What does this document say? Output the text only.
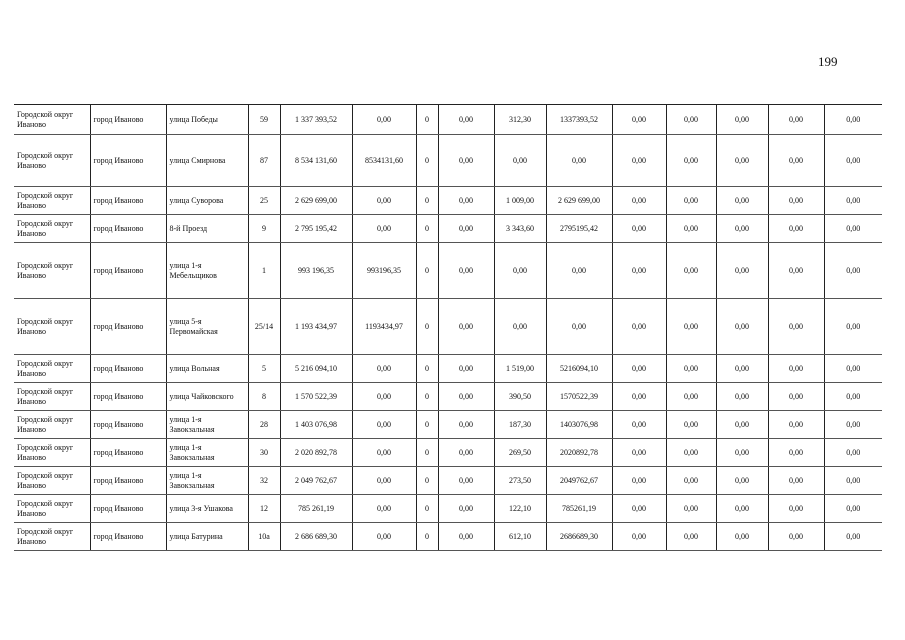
199
Городской округ Иваново	город Иваново	улица Победы	59	1 337 393,52	0,00	0	0,00	312,30	1337393,52	0,00	0,00	0,00	0,00	0,00
Городской округ Иваново	город Иваново	улица Смирнова	87	8 534 131,60	8534131,60	0	0,00	0,00	0,00	0,00	0,00	0,00	0,00	0,00
Городской округ Иваново	город Иваново	улица Суворова	25	2 629 699,00	0,00	0	0,00	1 009,00	2 629 699,00	0,00	0,00	0,00	0,00	0,00
Городской округ Иваново	город Иваново	8-й Проезд	9	2 795 195,42	0,00	0	0,00	3 343,60	2795195,42	0,00	0,00	0,00	0,00	0,00
Городской округ Иваново	город Иваново	улица 1-я Мебельщиков	1	993 196,35	993196,35	0	0,00	0,00	0,00	0,00	0,00	0,00	0,00	0,00
Городской округ Иваново	город Иваново	улица 5-я Первомайская	25/14	1 193 434,97	1193434,97	0	0,00	0,00	0,00	0,00	0,00	0,00	0,00	0,00
Городской округ Иваново	город Иваново	улица Вольная	5	5 216 094,10	0,00	0	0,00	1 519,00	5216094,10	0,00	0,00	0,00	0,00	0,00
Городской округ Иваново	город Иваново	улица Чайковского	8	1 570 522,39	0,00	0	0,00	390,50	1570522,39	0,00	0,00	0,00	0,00	0,00
Городской округ Иваново	город Иваново	улица 1-я Завокзальная	28	1 403 076,98	0,00	0	0,00	187,30	1403076,98	0,00	0,00	0,00	0,00	0,00
Городской округ Иваново	город Иваново	улица 1-я Завокзальная	30	2 020 892,78	0,00	0	0,00	269,50	2020892,78	0,00	0,00	0,00	0,00	0,00
Городской округ Иваново	город Иваново	улица 1-я Завокзальная	32	2 049 762,67	0,00	0	0,00	273,50	2049762,67	0,00	0,00	0,00	0,00	0,00
Городской округ Иваново	город Иваново	улица 3-я Ушакова	12	785 261,19	0,00	0	0,00	122,10	785261,19	0,00	0,00	0,00	0,00	0,00
Городской округ Иваново	город Иваново	улица Батурина	10а	2 686 689,30	0,00	0	0,00	612,10	2686689,30	0,00	0,00	0,00	0,00	0,00
